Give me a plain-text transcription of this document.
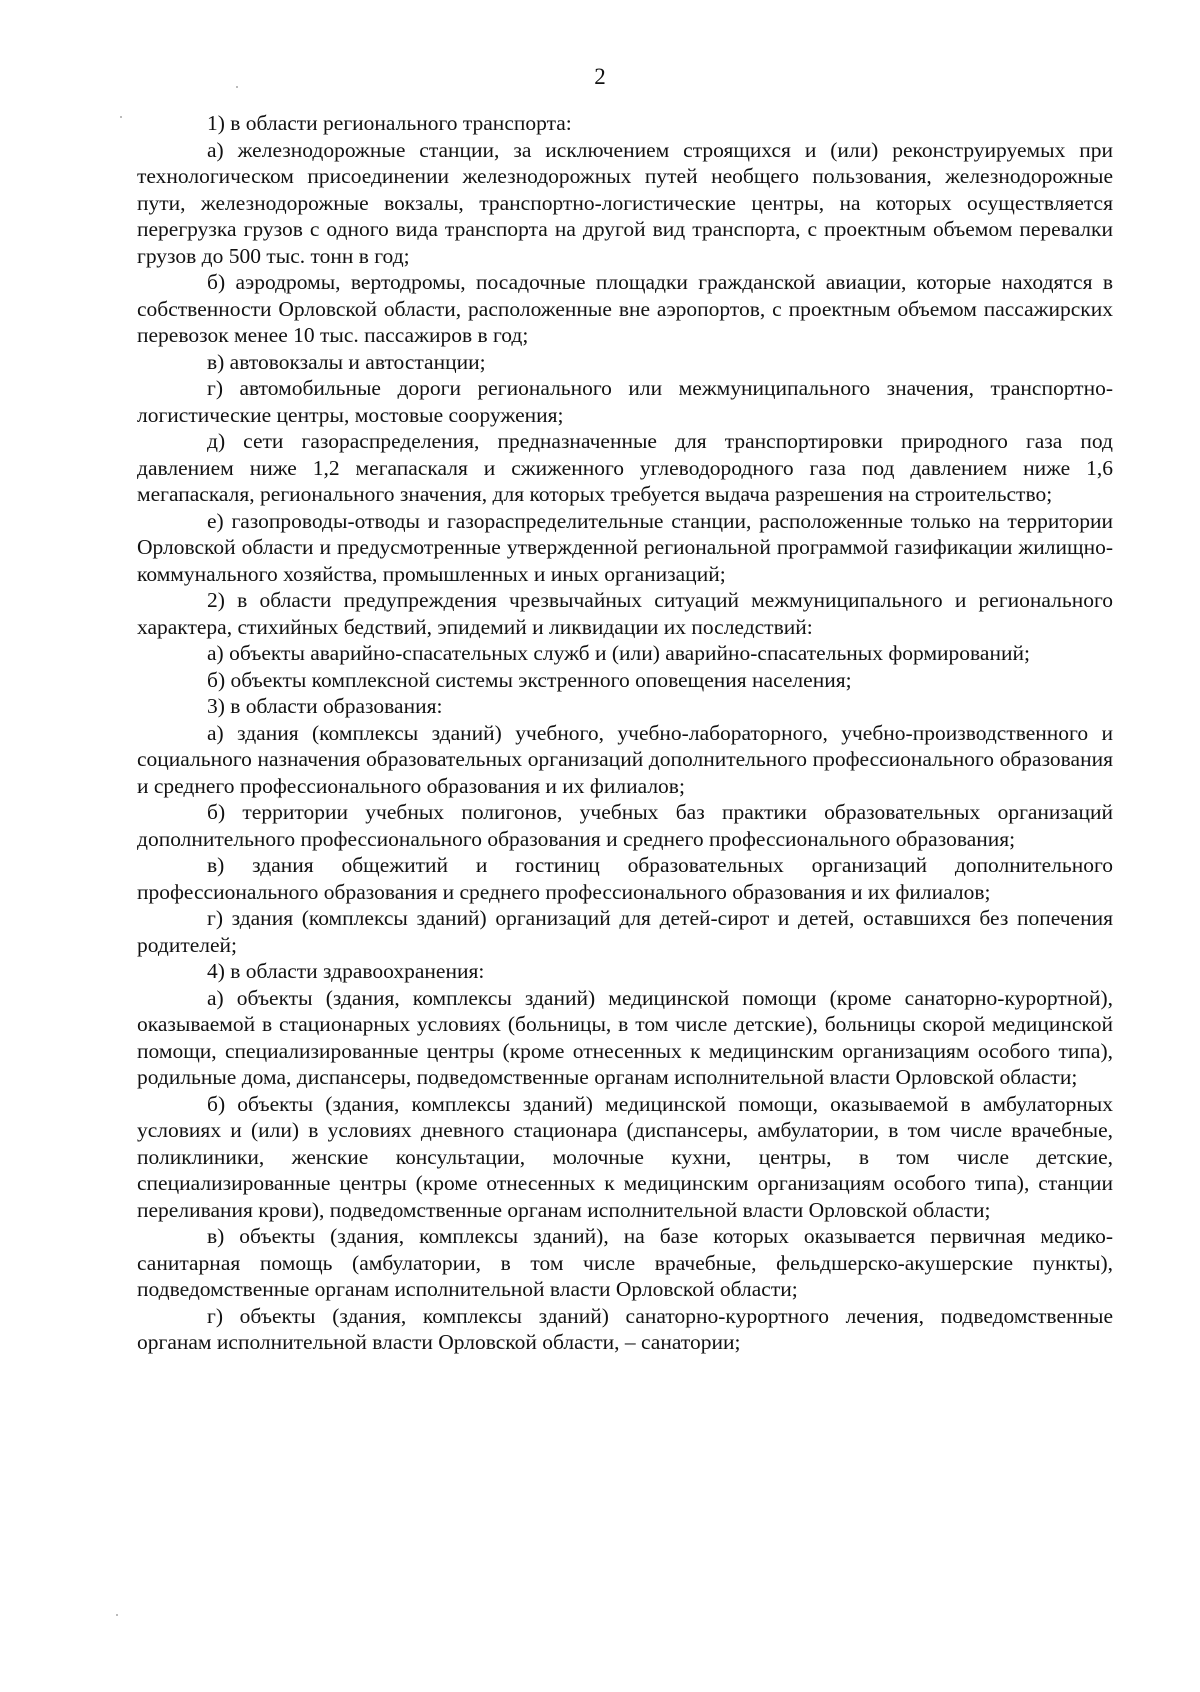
2

1) в области регионального транспорта:

а) железнодорожные станции, за исключением строящихся и (или) реконструируемых при технологическом присоединении железнодорожных путей необщего пользования, железнодорожные пути, железнодорожные вокзалы, транспортно-логистические центры, на которых осуществляется перегрузка грузов с одного вида транспорта на другой вид транспорта, с проектным объемом перевалки грузов до 500 тыс. тонн в год;

б) аэродромы, вертодромы, посадочные площадки гражданской авиации, которые находятся в собственности Орловской области, расположенные вне аэропортов, с проектным объемом пассажирских перевозок менее 10 тыс. пассажиров в год;

в) автовокзалы и автостанции;

г) автомобильные дороги регионального или межмуниципального значения, транспортно-логистические центры, мостовые сооружения;

д) сети газораспределения, предназначенные для транспортировки природного газа под давлением ниже 1,2 мегапаскаля и сжиженного углеводородного газа под давлением ниже 1,6 мегапаскаля, регионального значения, для которых требуется выдача разрешения на строительство;

е) газопроводы-отводы и газораспределительные станции, расположенные только на территории Орловской области и предусмотренные утвержденной региональной программой газификации жилищно-коммунального хозяйства, промышленных и иных организаций;

2) в области предупреждения чрезвычайных ситуаций межмуниципального и регионального характера, стихийных бедствий, эпидемий и ликвидации их последствий:

а) объекты аварийно-спасательных служб и (или) аварийно-спасательных формирований;

б) объекты комплексной системы экстренного оповещения населения;

3) в области образования:

а) здания (комплексы зданий) учебного, учебно-лабораторного, учебно-производственного и социального назначения образовательных организаций дополнительного профессионального образования и среднего профессионального образования и их филиалов;

б) территории учебных полигонов, учебных баз практики образовательных организаций дополнительного профессионального образования и среднего профессионального образования;

в) здания общежитий и гостиниц образовательных организаций дополнительного профессионального образования и среднего профессионального образования и их филиалов;

г) здания (комплексы зданий) организаций для детей-сирот и детей, оставшихся без попечения родителей;

4) в области здравоохранения:

а) объекты (здания, комплексы зданий) медицинской помощи (кроме санаторно-курортной), оказываемой в стационарных условиях (больницы, в том числе детские), больницы скорой медицинской помощи, специализированные центры (кроме отнесенных к медицинским организациям особого типа), родильные дома, диспансеры, подведомственные органам исполнительной власти Орловской области;

б) объекты (здания, комплексы зданий) медицинской помощи, оказываемой в амбулаторных условиях и (или) в условиях дневного стационара (диспансеры, амбулатории, в том числе врачебные, поликлиники, женские консультации, молочные кухни, центры, в том числе детские, специализированные центры (кроме отнесенных к медицинским организациям особого типа), станции переливания крови), подведомственные органам исполнительной власти Орловской области;

в) объекты (здания, комплексы зданий), на базе которых оказывается первичная медико-санитарная помощь (амбулатории, в том числе врачебные, фельдшерско-акушерские пункты), подведомственные органам исполнительной власти Орловской области;

г) объекты (здания, комплексы зданий) санаторно-курортного лечения, подведомственные органам исполнительной власти Орловской области, – санатории;
